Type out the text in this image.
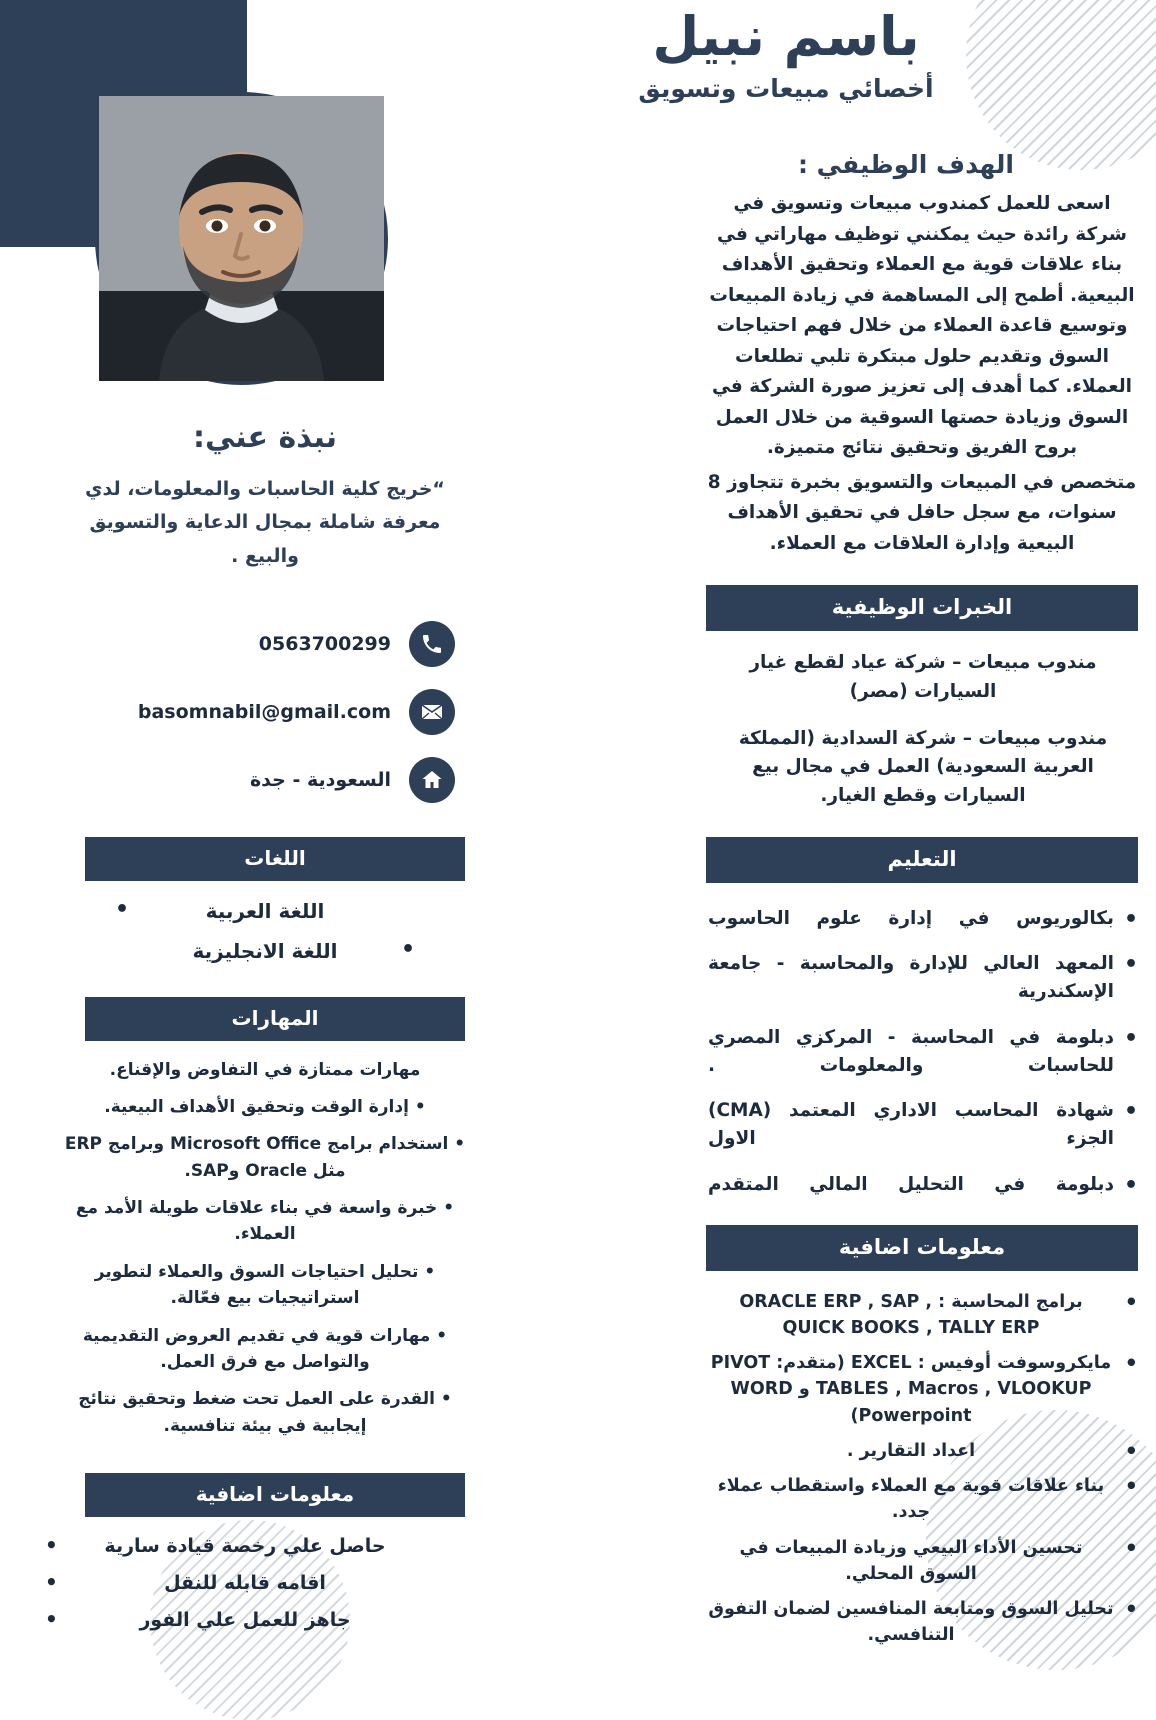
باسم نبيل
أخصائي مبيعات وتسويق
نبذة عني:
“خريج كلية الحاسبات والمعلومات، لدي معرفة شاملة بمجال الدعاية والتسويق والبيع .
0563700299
basomnabil@gmail.com
السعودية - جدة
اللغات
اللغة العربية •
• اللغة الانجليزية
المهارات
مهارات ممتازة في التفاوض والإقناع.
• إدارة الوقت وتحقيق الأهداف البيعية.
• استخدام برامج Microsoft Office وبرامج ERP مثل Oracle وSAP.
• خبرة واسعة في بناء علاقات طويلة الأمد مع العملاء.
• تحليل احتياجات السوق والعملاء لتطوير استراتيجيات بيع فعّالة.
• مهارات قوية في تقديم العروض التقديمية والتواصل مع فرق العمل.
• القدرة على العمل تحت ضغط وتحقيق نتائج إيجابية في بيئة تنافسية.
معلومات اضافية
حاصل علي رخصة قيادة سارية •
اقامه قابله للنقل •
جاهز للعمل علي الفور •
الهدف الوظيفي :

اسعى للعمل كمندوب مبيعات وتسويق في شركة رائدة حيث يمكنني توظيف مهاراتي في بناء علاقات قوية مع العملاء وتحقيق الأهداف البيعية. أطمح إلى المساهمة في زيادة المبيعات وتوسيع قاعدة العملاء من خلال فهم احتياجات السوق وتقديم حلول مبتكرة تلبي تطلعات العملاء. كما أهدف إلى تعزيز صورة الشركة في السوق وزيادة حصتها السوقية من خلال العمل بروح الفريق وتحقيق نتائج متميزة.

متخصص في المبيعات والتسويق بخبرة تتجاوز 8 سنوات، مع سجل حافل في تحقيق الأهداف البيعية وإدارة العلاقات مع العملاء.

الخبرات الوظيفية
مندوب مبيعات – شركة عياد لقطع غيار السيارات (مصر)
مندوب مبيعات – شركة السدادية (المملكة العربية السعودية) العمل في مجال بيع السيارات وقطع الغيار.
التعليم
• بكالوريوس في إدارة علوم الحاسوب
• المعهد العالي للإدارة والمحاسبة - جامعة الإسكندرية
• دبلومة في المحاسبة - المركزي المصري للحاسبات والمعلومات .
• شهادة المحاسب الاداري المعتمد (CMA) الجزء الاول
• دبلومة في التحليل المالي المتقدم
معلومات اضافية
• برامج المحاسبة : , ORACLE ERP , SAP QUICK BOOKS , TALLY ERP
• مايكروسوفت أوفيس : EXCEL (متقدم: PIVOT TABLES , Macros , VLOOKUP و WORD Powerpoint)
• اعداد التقارير .
• بناء علاقات قوية مع العملاء واستقطاب عملاء جدد.
• تحسين الأداء البيعي وزيادة المبيعات في السوق المحلي.
• تحليل السوق ومتابعة المنافسين لضمان التفوق التنافسي.
